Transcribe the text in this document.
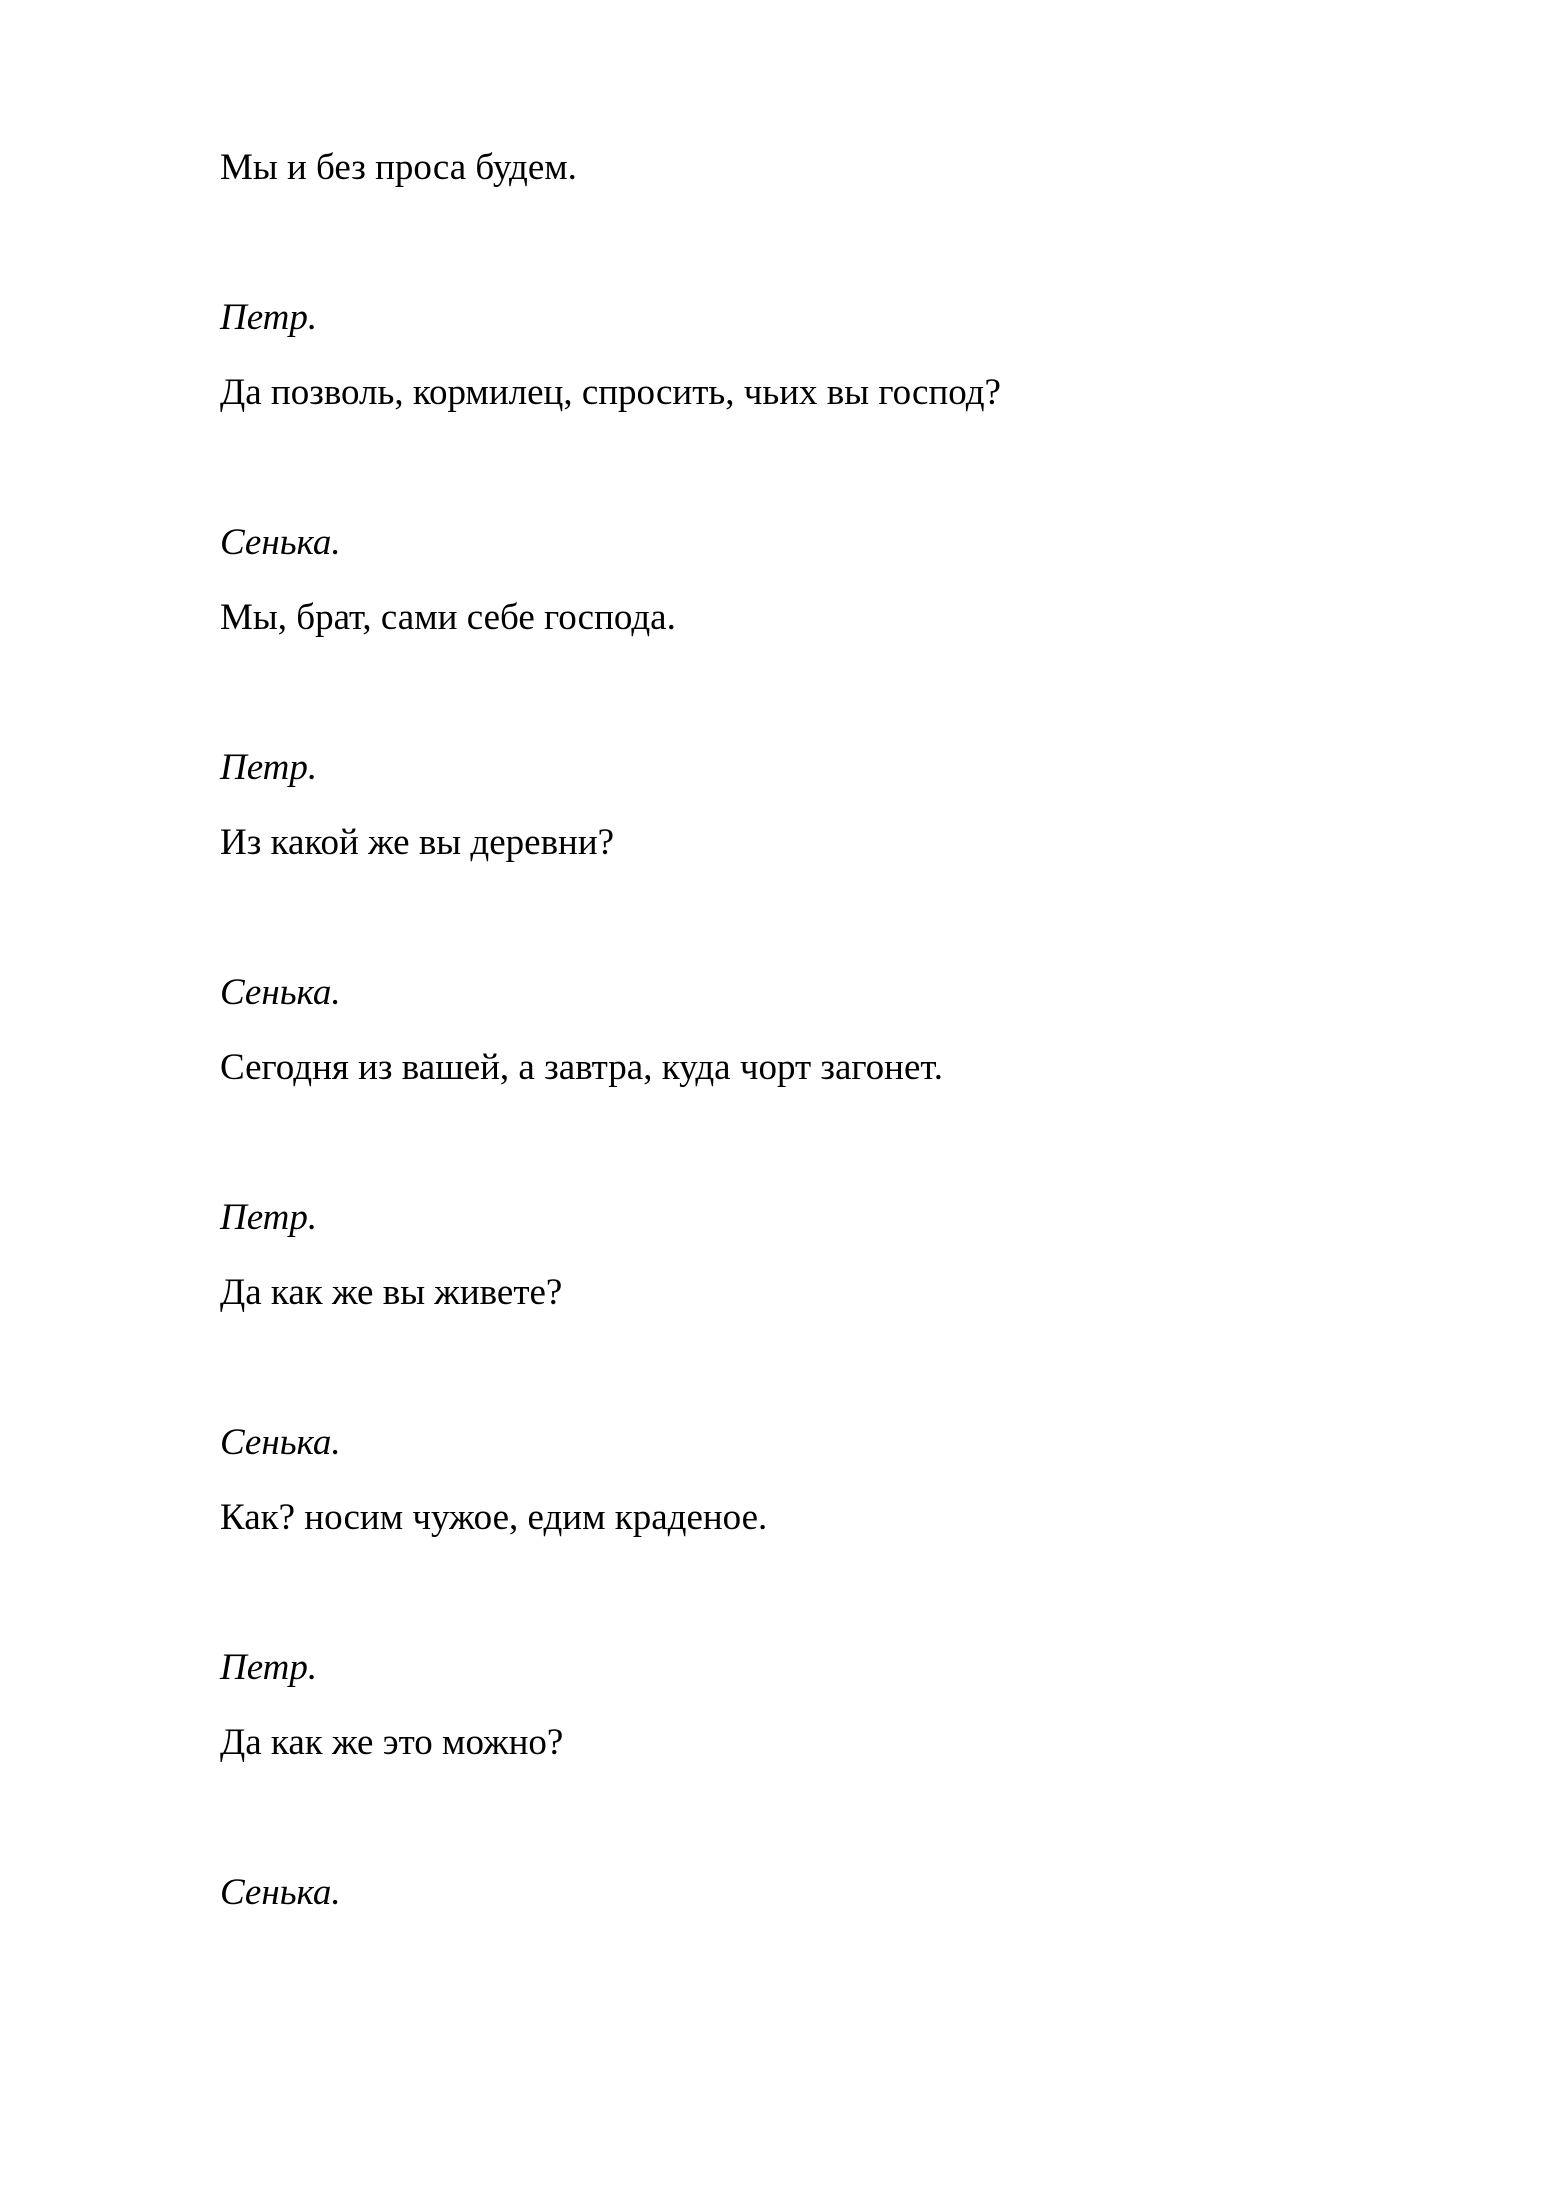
Мы и без проса будем.
Петр.
Да позволь, кормилец, спросить, чьих вы господ?
Сенька.
Мы, брат, сами себе господа.
Петр.
Из какой же вы деревни?
Сенька.
Сегодня из вашей, а завтра, куда чорт загонет.
Петр.
Да как же вы живете?
Сенька.
Как? носим чужое, едим краденое.
Петр.
Да как же это можно?
Сенька.
